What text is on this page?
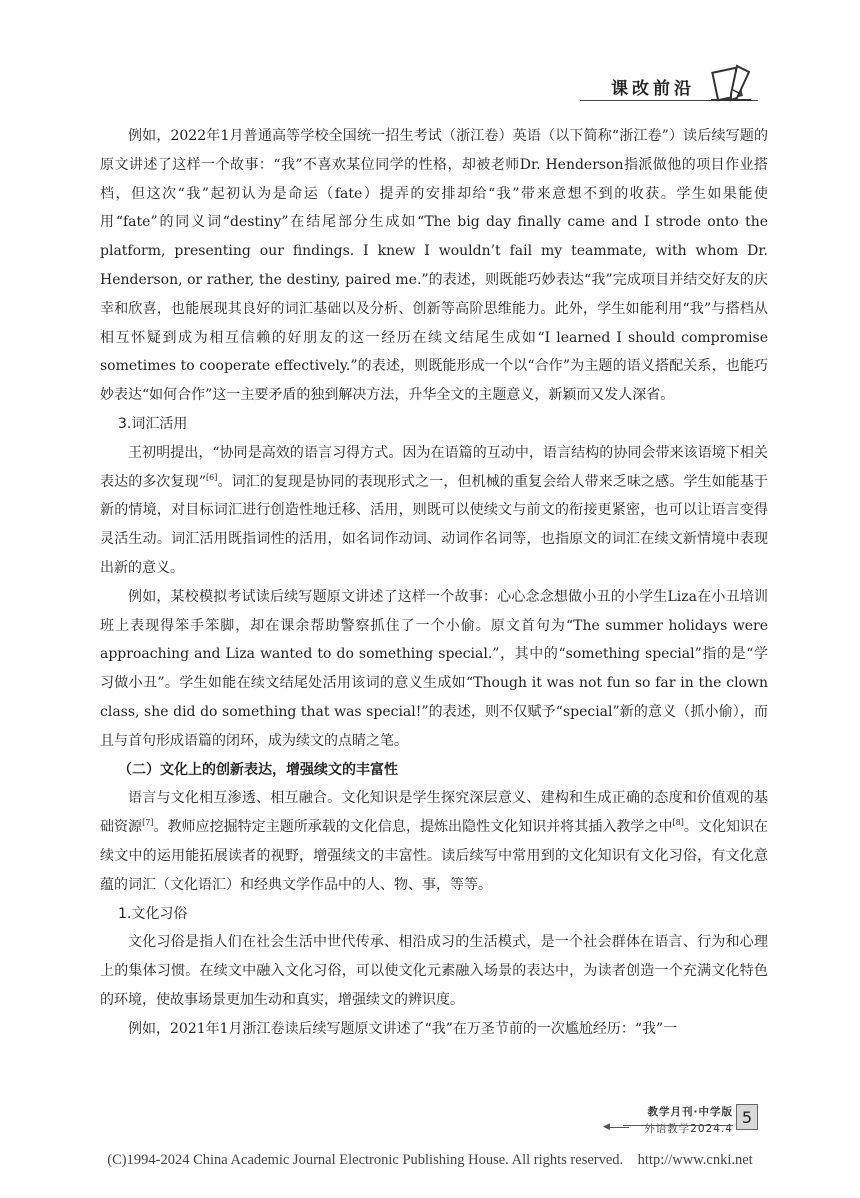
课改前沿

例如，2022年1月普通高等学校全国统一招生考试（浙江卷）英语（以下简称“浙江卷”）读后续写题的原文讲述了这样一个故事：“我”不喜欢某位同学的性格，却被老师Dr. Henderson指派做他的项目作业搭档，但这次“我”起初认为是命运（fate）提弄的安排却给“我”带来意想不到的收获。学生如果能使用“fate”的同义词“destiny”在结尾部分生成如“The big day finally came and I strode onto the platform, presenting our findings. I knew I wouldn’t fail my teammate, with whom Dr. Henderson, or rather, the destiny, paired me.”的表述，则既能巧妙表达“我”完成项目并结交好友的庆幸和欣喜，也能展现其良好的词汇基础以及分析、创新等高阶思维能力。此外，学生如能利用“我”与搭档从相互怀疑到成为相互信赖的好朋友的这一经历在续文结尾生成如“I learned I should compromise sometimes to cooperate effectively.”的表述，则既能形成一个以“合作”为主题的语义搭配关系，也能巧妙表达“如何合作”这一主要矛盾的独到解决方法，升华全文的主题意义，新颖而又发人深省。

3.词汇活用

王初明提出，“协同是高效的语言习得方式。因为在语篇的互动中，语言结构的协同会带来该语境下相关表达的多次复现”[6]。词汇的复现是协同的表现形式之一，但机械的重复会给人带来乏味之感。学生如能基于新的情境，对目标词汇进行创造性地迁移、活用，则既可以使续文与前文的衔接更紧密，也可以让语言变得灵活生动。词汇活用既指词性的活用，如名词作动词、动词作名词等，也指原文的词汇在续文新情境中表现出新的意义。

例如，某校模拟考试读后续写题原文讲述了这样一个故事：心心念念想做小丑的小学生Liza在小丑培训班上表现得笨手笨脚，却在课余帮助警察抓住了一个小偷。原文首句为“The summer holidays were approaching and Liza wanted to do something special.”，其中的“something special”指的是“学习做小丑”。学生如能在续文结尾处活用该词的意义生成如“Though it was not fun so far in the clown class, she did do something that was special!”的表述，则不仅赋予“special”新的意义（抓小偷），而且与首句形成语篇的闭环，成为续文的点睛之笔。

（二）文化上的创新表达，增强续文的丰富性

语言与文化相互渗透、相互融合。文化知识是学生探究深层意义、建构和生成正确的态度和价值观的基础资源[7]。教师应挖掘特定主题所承载的文化信息，提炼出隐性文化知识并将其插入教学之中[8]。文化知识在续文中的运用能拓展读者的视野，增强续文的丰富性。读后续写中常用到的文化知识有文化习俗，有文化意蕴的词汇（文化语汇）和经典文学作品中的人、物、事，等等。

1.文化习俗

文化习俗是指人们在社会生活中世代传承、相沿成习的生活模式，是一个社会群体在语言、行为和心理上的集体习惯。在续文中融入文化习俗，可以使文化元素融入场景的表达中，为读者创造一个充满文化特色的环境，使故事场景更加生动和真实，增强续文的辨识度。

例如，2021年1月浙江卷读后续写题原文讲述了“我”在万圣节前的一次尴尬经历：“我”一

教学月刊·中学版
外语教学2024.4
◀	5
(C)1994-2024 China Academic Journal Electronic Publishing House. All rights reserved.    http://www.cnki.net
